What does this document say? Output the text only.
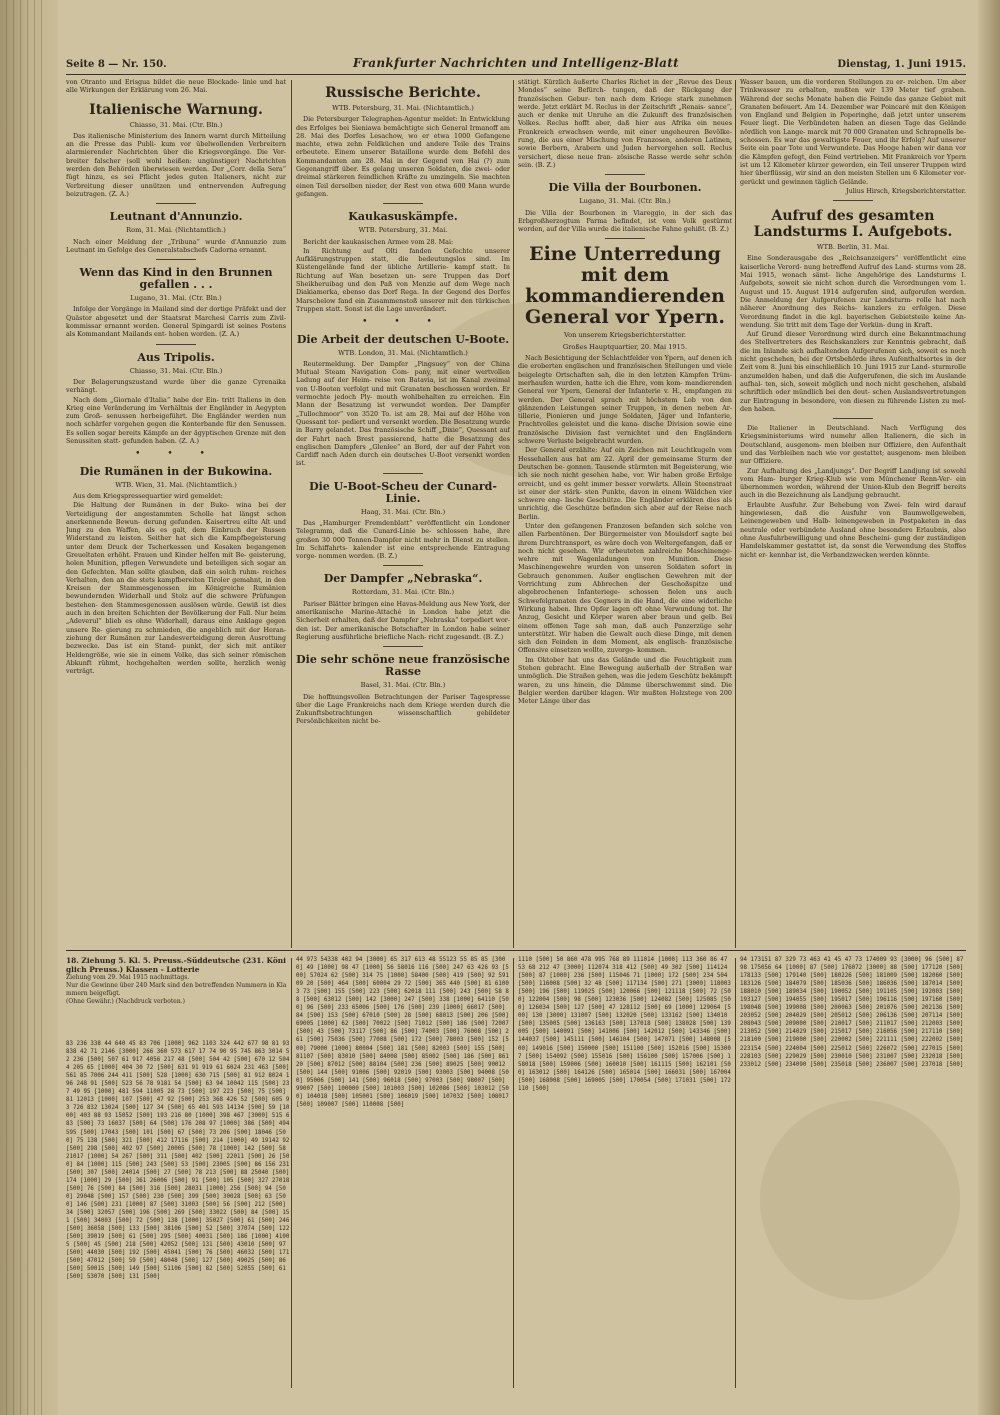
Seite 8 — Nr. 150.	Frankfurter Nachrichten und Intelligenz-Blatt	Dienstag, 1. Juni 1915.

von Otranto und Erisgua bildet die neue Blockade- linie und hat alle Wirkungen der Erklärung vom 26. Mai.

Italienische Warnung.
Chiasso, 31. Mai. (Ctr. Bln.)

Das italienische Ministerium des Innern warnt durch Mitteilung an die Presse das Publi- kum vor übelwollenden Verbreitern alarmierender Nachrichten über die Kriegsvorgänge. Die Ver- breiter falscher (soll wohl heißen: ungünstiger) Nachrichten werden den Behörden überwiesen werden. Der „Corr. della Sera“ fügt hinzu, es sei Pflicht jedes guten Italieners, nicht zur Verbreitung dieser unnützen und entnervenden Aufregung beizutragen. (Z. A.)

Leutnant d'Annunzio.
Rom, 31. Mai. (Nichtamtlich.)

Nach einer Meldung der „Tribuna“ wurde d'Annunzio zum Leutnant im Gefolge des Generalstabschefs Cadorna ernannt.

Wenn das Kind in den Brunnen gefallen . . .
Lugano, 31. Mai. (Ctr. Bln.)

Infolge der Vorgänge in Mailand sind der dortige Präfekt und der Quästor abgesetzt und der Staatsrat Marchesi Carris zum Zivil- kommissar ernannt worden. General Spingardi ist seines Postens als Kommandant Mailands ent- hoben worden. (Z. A.)

Aus Tripolis.
Chiasso, 31. Mai. (Ctr. Bln.)

Der Belagerungszustand wurde über die ganze Cyrenaika verhängt.

Nach dem „Giornale d'Italia“ habe der Ein- tritt Italiens in den Krieg eine Veränderung im Verhältnis der Engländer in Aegypten zum Groß- senussen herbeigeführt. Die Engländer werden nun noch schärfer vorgehen gegen die Konterbande für den Senussen. Es sollen sogar bereits Kämpfe an der ägyptischen Grenze mit den Senussiten statt- gefunden haben. (Z. A.)

• • •
Die Rumänen in der Bukowina.
WTB. Wien, 31. Mai. (Nichtamtlich.)

Aus dem Kriegspressequartier wird gemeldet:

Die Haltung der Rumänen in der Buko- wina bei der Verteidigung der angestammten Scholle hat längst schon anerkennende Bewun- derung gefunden. Kaisertreu eilte Alt und Jung zu den Waffen, als es galt, dem Einbruch der Russen Widerstand zu leisten. Seither hat sich die Kampfbegeisterung unter dem Druck der Tscherkessen und Kosaken begangenen Greueltaten erhöht. Frauen und Kinder helfen mit Be- geisterung, holen Munition, pflegen Verwundete und beteiligen sich sogar an den Gefechten. Man sollte glauben, daß ein solch ruhm- reiches Verhalten, den an die stets kampfbereiten Tiroler gemahnt, in den Kreisen der Stammesgenossen im Königreiche Rumänien bewundernden Widerhall und Stolz auf die schwere Prüfungen bestehen- den Stammesgenossen auslösen würde. Gewiß ist dies auch in den breiten Schichten der Bevölkerung der Fall. Nur beim „Adeverul“ blieb es ohne Widerhall, daraus eine Anklage gegen unsere Re- gierung zu schmieden, die angeblich mit der Heran- ziehung der Rumänen zur Landesverteidigung deren Ausrottung bezwecke. Das ist ein Stand- punkt, der sich mit antiker Heldengröße, wie sie in einem Volke, das sich seiner römischen Abkunft rühmt, hochgehalten werden sollte, herzlich wenig verträgt.

Russische Berichte.
WTB. Petersburg, 31. Mai. (Nichtamtlich.)

Die Petersburger Telegraphen-Agentur meldet: In Entwicklung des Erfolges bei Sieniawa bemächtigte sich General Irmanoff am 28. Mai des Dorfes Lesachow, wo er etwa 1000 Gefangene machte, etwa zehn Feldküchen und andere Teile des Trains erbeutete. Einem unserer Bataillone wurde dem Befehl des Kommandanten am 28. Mai in der Gegend von Hai (?) zum Gegenangriff über. Es gelang unseren Soldaten, die zwei- oder dreimal stärkeren feindlichen Kräfte zu umzingeln. Sie machten einen Teil derselben nieder, der Rest von etwa 600 Mann wurde gefangen.

Kaukasuskämpfe.
WTB. Petersburg, 31. Mai.

Bericht der kaukasischen Armee vom 28. Mai:

In Richtung auf Olti fanden Gefechte unserer Aufklärungstruppen statt, die bedeutungslos sind. Im Küstengelände fand der übliche Artillerie- kampf statt. In Richtung auf Wan besetzen un- sere Truppen das Dorf Sheikheruibag und den Paß von Menzie auf dem Wege nach Diakiamerka, ebenso das Dorf Rega. In der Gegend des Dorfes Marschelow fand ein Zusammenstoß unserer mit den türkischen Truppen statt. Sonst ist die Lage unverändert.

• • •
Die Arbeit der deutschen U-Boote.
WTB. London, 31. Mai. (Nichtamtlich.)

Reutermeldung. Der Dampfer „Pingsuey“ von der China Mutual Steam Navigation Com- pany, mit einer wertvollen Ladung auf der Heim- reise von Batavia, ist im Kanal zweimal von U-Booten verfolgt und mit Granaten beschossen worden. Er vermochte jedoch Ply- mouth wohlbehalten zu erreichen. Ein Mann der Besatzung ist verwundet worden. Der Dampfer „Tullochmoor“ von 3520 To. ist am 28. Mai auf der Höhe von Quessant tor- pediert und versenkt worden. Die Besatzung wurde in Barry gelandet. Das französische Schiff „Dixie“, Quessant auf der Fahrt nach Brest passierend, hatte die Besatzung des englischen Dampfers „Glenlee“ an Bord, der auf der Fahrt von Cardiff nach Aden durch ein deutsches U-Boot versenkt worden ist.

Die U-Boot-Scheu der Cunard-Linie.
Haag, 31. Mai. (Ctr. Bln.)

Das „Hamburger Fremdenblatt“ veröffentlicht ein Londoner Telegramm, daß die Cunard-Linie be- schlossen habe, ihre großen 30 000 Tonnen-Dampfer nicht mehr in Dienst zu stellen. Im Schiffahrts- kalender ist eine entsprechende Eintragung vorge- nommen worden. (B. Z.)

Der Dampfer „Nebraska“.
Rotterdam, 31. Mai. (Ctr. Bln.)

Pariser Blätter bringen eine Havas-Meldung aus New York, der amerikanische Marine-Attaché in London habe jetzt die Sicherheit erhalten, daß der Dampfer „Nebraska“ torpediert wor- den ist. Der amerikanische Botschafter in London habe seiner Regierung ausführliche briefliche Nach- richt zugesandt. (B. Z.)

Die sehr schöne neue französische Rasse
Basel, 31. Mai. (Ctr. Bln.)

Die hoffnungsvollen Betrachtungen der Pariser Tagespresse über die Lage Frankreichs nach dem Kriege werden durch die Zukunftsbetrachtungen wissenschaftlich gebildeter Persönlichkeiten nicht be-

stätigt. Kürzlich äußerte Charles Richet in der „Revue des Deux Mondes“ seine Befürch- tungen, daß der Rückgang der französischen Gebur- ten nach dem Kriege stark zunehmen werde. Jetzt erklärt M. Reclus in der Zeitschrift „Renais- sance“, auch er denke mit Unruhe an die Zukunft des französischen Volkes. Reclus hofft aber, daß hier aus Afrika ein neues Frankreich erwachsen werde, mit einer ungeheuren Bevölke- rung, die aus einer Mischung von Franzosen, anderen Latinen, sowie Berbern, Arabern und Juden hervorgehen soll. Reclus versichert, diese neue fran- zösische Rasse werde sehr schön sein. (B. Z.)

Die Villa der Bourbonen.
Lugano, 31. Mai. (Ctr. Bln.)

Die Villa der Bourbonen in Viareggio, in der sich das Erbgroßherzogtum Parma befindet, ist vom Volk gestürmt worden, auf der Villa wurde die italienische Fahne gehißt. (B. Z.)

Eine Unterredung mit dem kommandierenden General vor Ypern.
Von unserem Kriegsberichterstatter.
Großes Hauptquartier, 20. Mai 1915.

Nach Besichtigung der Schlachtfelder von Ypern, auf denen ich die eroberten englischen und französischen Stellungen und viele beigelegte Ortschaften sah, die in den letzten Kämpfen Trüm- merhaufen wurden, hatte ich die Ehre, vom kom- mandierenden General vor Ypern, General der Infanterie v. H., empfangen zu werden. Der General sprach mit höchstem Lob von den glänzenden Leistungen seiner Truppen, in denen neben Ar- tillerie, Pionieren und junge Soldaten, Jäger und Infanterie, Prachtvolles geleistet und die kana- dische Division sowie eine französische Division fast vernichtet und den Engländern schwere Verluste beigebracht wurden.

Der General erzählte: Auf ein Zeichen mit Leuchtkugeln vom Hessehallen aus hat am 22. April der gemeinsame Sturm der Deutschen be- gonnen. Tausende stürmten mit Begeisterung, wie ich sie noch nicht gesehen habe, vor. Wir haben große Erfolge erreicht, und es geht immer besser vorwärts. Allein Steenstraat ist einer der stärk- sten Punkte, davon in einem Wäldchen vier schwere eng- lische Geschütze. Die Engländer erklären dies als unrichtig, die Geschütze befinden sich aber auf der Reise nach Berlin.

Unter den gefangenen Franzosen befanden sich solche von allen Farbentönen. Der Bürgermeister von Moulsdorf sagte bei ihrem Durchtransport, es wäre doch von Weltergefangen, daß er noch nicht gesehen. Wir erbeuteten zahlreiche Maschinenge- wehre mit Wagenladungen von Munition. Diese Maschinengewehre wurden von unseren Soldaten sofort in Gebrauch genommen. Außer englischen Gewehren mit der Vorrichtung zum Abbrechen der Geschoßspitze und abgebrochenen Infanteriege- schossen fielen uns auch Schwefelgranaten des Gegners in die Hand, die eine widerliche Wirkung haben. Ihre Opfer lagen oft ohne Verwundung tot. Ihr Anzug, Gesicht und Körper waren aber braun und gelb. Bei einem offenen Tage sah man, daß auch Panzerzüge sehr unterstützt. Wir haben die Gewalt auch diese Dinge, mit denen sich den Feinden in dem Moment, als englisch- französische Offensive einsetzen wollte, zuvorge- kommen.

Im Oktober hat uns das Gelände und die Feuchtigkeit zum Stehen gebracht. Eine Bewegung außerhalb der Straßen war unmöglich. Die Straßen gehen, was die jedem Geschütz bekämpft waren, zu uns hinein, die Dämme überschwemmt sind. Die Belgier werden darüber klagen. Wir mußten Holzstege von 200 Meter Länge über das

Wasser bauen, um die vorderen Stellungen zu er- reichen. Um aber Trinkwasser zu erhalten, mußten wir 139 Meter tief graben. Während der sechs Monate haben die Feinde das ganze Gebiet mit Granaten befeuert. Am 14. Dezember war Poincaré mit den Königen von England und Belgien in Poperinghe, daß jetzt unter unserem Feuer liegt. Die Verbündeten haben an diesen Tage das Gelände nördlich von Lange- marck mit 70 000 Granaten und Schrapnells be- schossen. Es war das gewaltigste Feuer, und ihr Erfolg? Auf unserer Seite ein paar Tote und Verwundete. Das Hooge haben wir dann vor die Kämpfen gefegt, den Feind vertrieben. Mit Frankreich vor Ypern ist um 12 Kilometer kürzer geworden, ein Teil unserer Truppen wird hier überflüssig, wir sind an den meisten Stellen um 6 Kilometer vor- gerückt und gewinnen täglich Gelände.

Julius Hirsch, Kriegsberichterstatter.
Aufruf des gesamten Landsturms I. Aufgebots.
WTB. Berlin, 31. Mai.

Eine Sonderausgabe des „Reichsanzeigers“ veröffentlicht eine kaiserliche Verord- nung betreffend Aufruf des Land- sturms vom 28. Mai 1915, wonach sämt- liche Angehörige des Landsturms I. Aufgebots, soweit sie nicht schon durch die Verordnungen vom 1. August und 15. August 1914 aufgerufen sind, aufgerufen werden. Die Anmeldung der Aufgerufenen zur Landsturm- rolle hat nach näherer Anordnung des Reichs- kanzlers zu erfolgen. Diese Verordnung findet in die kgl. bayerischen Gebietsteile keine An- wendung. Sie tritt mit dem Tage der Verkün- dung in Kraft.

Auf Grund dieser Verordnung wird durch eine Bekanntmachung des Stellvertreters des Reichskanzlers zur Kenntnis gebracht, daß die im Inlande sich aufhaltenden Aufgerufenen sich, soweit es noch nicht geschehen, bei der Ortsbehörde ihres Aufenthaltsortes in der Zeit vom 8. Juni bis einschließlich 10. Juni 1915 zur Land- sturmrolle anzumelden haben, und daß die Aufgerufenen, die sich im Auslande aufhal- ten, sich, soweit möglich und noch nicht geschehen, alsbald schriftlich oder mündlich bei den deut- schen Auslandsvertretungen zur Eintragung in besondere, von diesen zu führende Listen zu mel- den haben.

Die Italiener in Deutschland. Nach Verfügung des Kriegsministeriums wird numehr allen Italienern, die sich in Deutschland, ausgenom- men bleiben nur Offiziere, den Aufenthalt und das Verbleiben nach wie vor gestattet; ausgenom- men bleiben nur Offiziere.

Zur Aufhaltung des „Landjungs“. Der Begriff Landjung ist sowohl vom Ham- burger Krieg-Klub wie vom Münchener Renn-Ver- ein übernommen worden, während der Union-Klub den Begriff bereits auch in die Bezeichnung als Landjung gebraucht.

Erlaubte Ausfuhr. Zur Behebung von Zwei- feln wird darauf hingewiesen, daß die Ausfuhr von Baumwollgeweben, Leinengeweben und Halb- leinengeweben in Postpaketen in das neutrale oder verbündete Ausland ohne besondere Erlaubnis, also ohne Ausfuhrbewilligung und ohne Bescheini- gung der zuständigen Handelskammer gestattet ist, da sonst die Verwendung des Stoffes nicht er- kennbar ist, die Verbandzwecken werden könnte.

18. Ziehung 5. Kl. 5. Preuss.-Süddeutsche (231. Königlich Preuss.) Klassen - Lotterie
Ziehung vom 29. Mai 1915 nachmittags.
Nur die Gewinne über 240 Mark sind den betreffenden Nummern in Klammern beigefügt.
(Ohne Gewähr.) (Nachdruck verboten.)
83 236 338 44 640 45 83 706 [1000] 962 1103 324 442 677 98 81 93 838 42 71 2146 [3000] 266 360 573 617 17 74 90 95 745 863 3014 52 236 [500] 507 61 917 4056 217 48 [500] 504 42 [500] 670 12 5044 205 65 [1000] 404 30 72 [500] 631 91 919 61 6024 231 463 [500] 561 85 7006 244 411 [500] 528 [1000] 630 715 [500] 81 912 8024 196 248 91 [500] 523 56 78 9181 54 [500] 63 94 10042 115 [500] 237 49 95 [1000] 481 594 11005 28 73 [500] 197 223 [500] 75 [500] 81 12013 [1000] 107 [500] 47 92 [500] 253 368 426 52 [500] 605 93 726 832 13024 [500] 127 34 [500] 65 401 593 14134 [500] 59 [1000] 403 88 93 15052 [500] 193 216 80 [1000] 398 467 [3000] 515 683 [500] 73 16037 [500] 64 [500] 176 208 97 [1000] 386 [500] 494 595 [500] 17043 [500] 101 [500] 67 [500] 73 206 [500] 18046 [500] 75 138 [500] 321 [500] 412 17116 [500] 214 [1000] 49 19142 92 [500] 298 [500] 402 97 [500] 20005 [500] 78 [1000] 142 [500] 58 21017 [1000] 54 267 [500] 311 [500] 402 [500] 22011 [500] 26 [500] 84 [1000] 115 [500] 243 [500] 53 [500] 23005 [500] 86 156 231 [500] 307 [500] 24014 [500] 27 [500] 78 213 [500] 88 25040 [500] 174 [1000] 29 [500] 361 26006 [500] 91 [500] 105 [500] 327 27018 [500] 76 [500] 84 [500] 316 [500] 28031 [1000] 256 [500] 94 [500] 29048 [500] 157 [500] 230 [500] 399 [500] 30028 [500] 63 [500] 146 [500] 231 [1000] 87 [500] 31003 [500] 56 [500] 212 [500] 34 [500] 32057 [500] 196 [500] 269 [500] 33022 [500] 84 [500] 151 [500] 34003 [500] 72 [500] 138 [1000] 35027 [500] 61 [500] 246 [500] 36058 [500] 133 [500] 38106 [500] 52 [500] 37074 [500] 122 [500] 39019 [500] 61 [500] 295 [500] 40031 [500] 186 [1000] 41005 [500] 45 [500] 218 [500] 42052 [500] 131 [500] 43010 [500] 97 [500] 44030 [500] 192 [500] 45041 [500] 76 [500] 46032 [500] 171 [500] 47012 [500] 59 [500] 48048 [500] 127 [500] 49025 [500] 86 [500] 50015 [500] 149 [500] 51106 [500] 82 [500] 52055 [500] 61 [500] 53070 [500] 131 [500]
44 973 54338 402 94 [3000] 65 317 613 48 55123 55 85 85 [3000] 49 [1000] 98 47 [1000] 56 58016 116 [500] 247 63 426 93 [500] 57024 62 [500] 314 75 [1000] 58400 [500] 419 [500] 92 59109 20 [500] 464 [500] 60004 29 72 [500] 365 440 [500] 81 61003 73 [500] 155 [500] 223 [500] 62018 111 [500] 243 [500] 58 88 [500] 63012 [500] 142 [3000] 247 [500] 338 [1000] 64110 [500] 96 [500] 233 65006 [500] 176 [500] 239 [1000] 66017 [500] 84 [500] 153 [500] 67010 [500] 28 [500] 68013 [500] 206 [500] 69005 [1000] 62 [500] 70022 [500] 71012 [500] 186 [500] 72007 [500] 43 [500] 73117 [500] 86 [500] 74003 [500] 76008 [500] 261 [500] 75036 [500] 77008 [500] 172 [500] 78003 [500] 152 [500] 79000 [1000] 80004 [500] 181 [500] 82003 [500] 155 [500] 81107 [500] 83010 [500] 84008 [500] 85002 [500] 186 [500] 86120 [500] 87012 [500] 88104 [500] 236 [500] 89025 [500] 90012 [500] 144 [500] 91006 [500] 92019 [500] 93003 [500] 94008 [500] 95006 [500] 141 [500] 96018 [500] 97003 [500] 98007 [500] 99007 [500] 100000 [500] 101003 [500] 102086 [500] 103012 [500] 104018 [500] 105001 [500] 106019 [500] 107032 [500] 108017 [500] 109007 [500] 110008 [500]
1110 [500] 50 860 478 995 768 89 111014 [1000] 113 360 86 47 53 68 212 47 [3000] 112074 318 412 [500] 49 302 [500] 114124 [500] 87 [1000] 236 [500] 115046 71 [1000] 172 [500] 234 504 [500] 116008 [500] 32 48 [500] 117134 [500] 271 [3000] 118003 [500] 196 [500] 119025 [500] 120066 [500] 121118 [500] 72 [500] 122004 [500] 98 [500] 123036 [500] 124082 [500] 125085 [500] 126034 [500] 127 [500] 47 128112 [500] 69 [1000] 129064 [500] 130 [3000] 131007 [500] 132020 [500] 133162 [500] 134010 [500] 135005 [500] 136163 [500] 137018 [500] 138028 [500] 139005 [500] 140091 [500] 141006 [500] 142012 [500] 143346 [500] 144037 [500] 145111 [500] 146104 [500] 147071 [500] 148008 [500] 149016 [500] 150000 [500] 151100 [500] 152016 [500] 153007 [500] 154092 [500] 155016 [500] 156100 [500] 157006 [500] 158018 [500] 159006 [500] 160010 [500] 161115 [500] 162101 [500] 163012 [500] 164126 [500] 165014 [500] 166031 [500] 167004 [500] 168008 [500] 169005 [500] 170054 [500] 171031 [500] 172110 [500]
94 173151 87 329 73 463 41 45 47 73 174009 93 [3000] 96 [500] 87 98 175056 64 [1000] 87 [500] 176072 [3000] 88 [500] 177120 [500] 178133 [500] 179140 [500] 180226 [500] 181009 [500] 182060 [500] 183126 [500] 184079 [500] 185036 [500] 186036 [500] 187014 [500] 188010 [500] 189034 [500] 190052 [500] 191105 [500] 192003 [500] 193127 [500] 194055 [500] 195017 [500] 196116 [500] 197160 [500] 198048 [500] 199008 [500] 200063 [500] 201076 [500] 202136 [500] 203052 [500] 204029 [500] 205012 [500] 206136 [500] 207114 [500] 208043 [500] 209000 [500] 210017 [500] 211017 [500] 212003 [500] 213052 [500] 214029 [500] 215017 [500] 216056 [500] 217110 [500] 218100 [500] 219000 [500] 220002 [500] 221111 [500] 222002 [500] 223154 [500] 224004 [500] 225012 [500] 226072 [500] 227015 [500] 228103 [500] 229029 [500] 230010 [500] 231007 [500] 232018 [500] 233012 [500] 234090 [500] 235018 [500] 236007 [500] 237018 [500]
